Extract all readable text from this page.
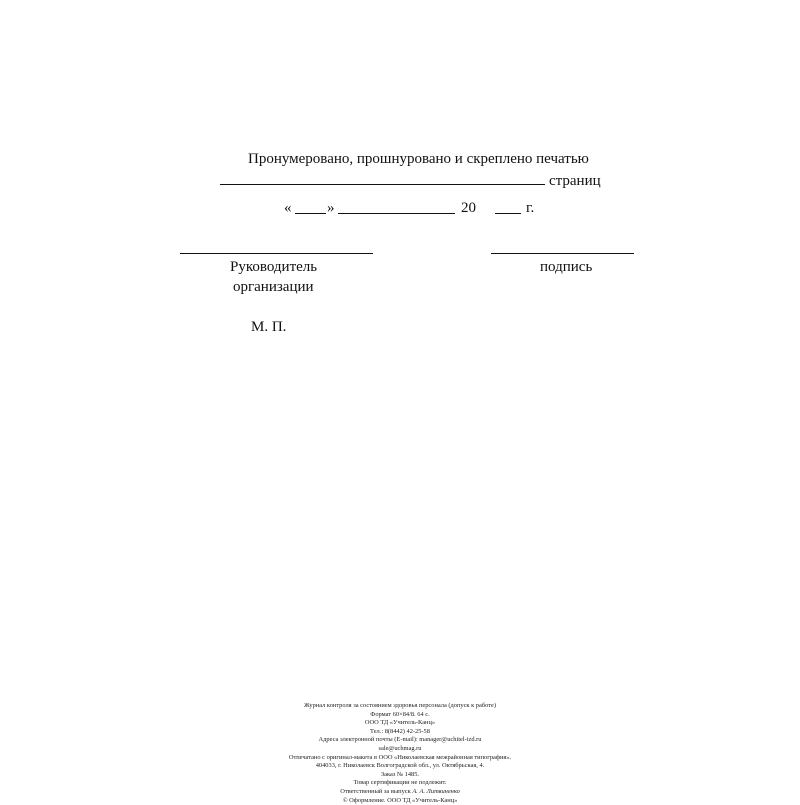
Пронумеровано, прошнуровано и скреплено печатью
страниц
« »	20	г.
Руководитель
организации
подпись
М. П.
Журнал контроля за состоянием здоровья персонала (допуск к работе)
Формат 60×84/8. 64 с.
ООО ТД «Учитель-Канц»
Тел.: 8(8442) 42-25-58
Адреса электронной почты (E-mail): manager@uchitel-izd.ru
sale@uchmag.ru
Отпечатано с оригинал-макета в ООО «Николаевская межрайонная типография».
404033, г. Николаевск Волгоградской обл., ул. Октябрьская, 4.
Заказ № 1485.
Товар сертификации не подлежит.
Ответственный за выпуск А. А. Литвиненко
© Оформление. ООО ТД «Учитель-Канц»
